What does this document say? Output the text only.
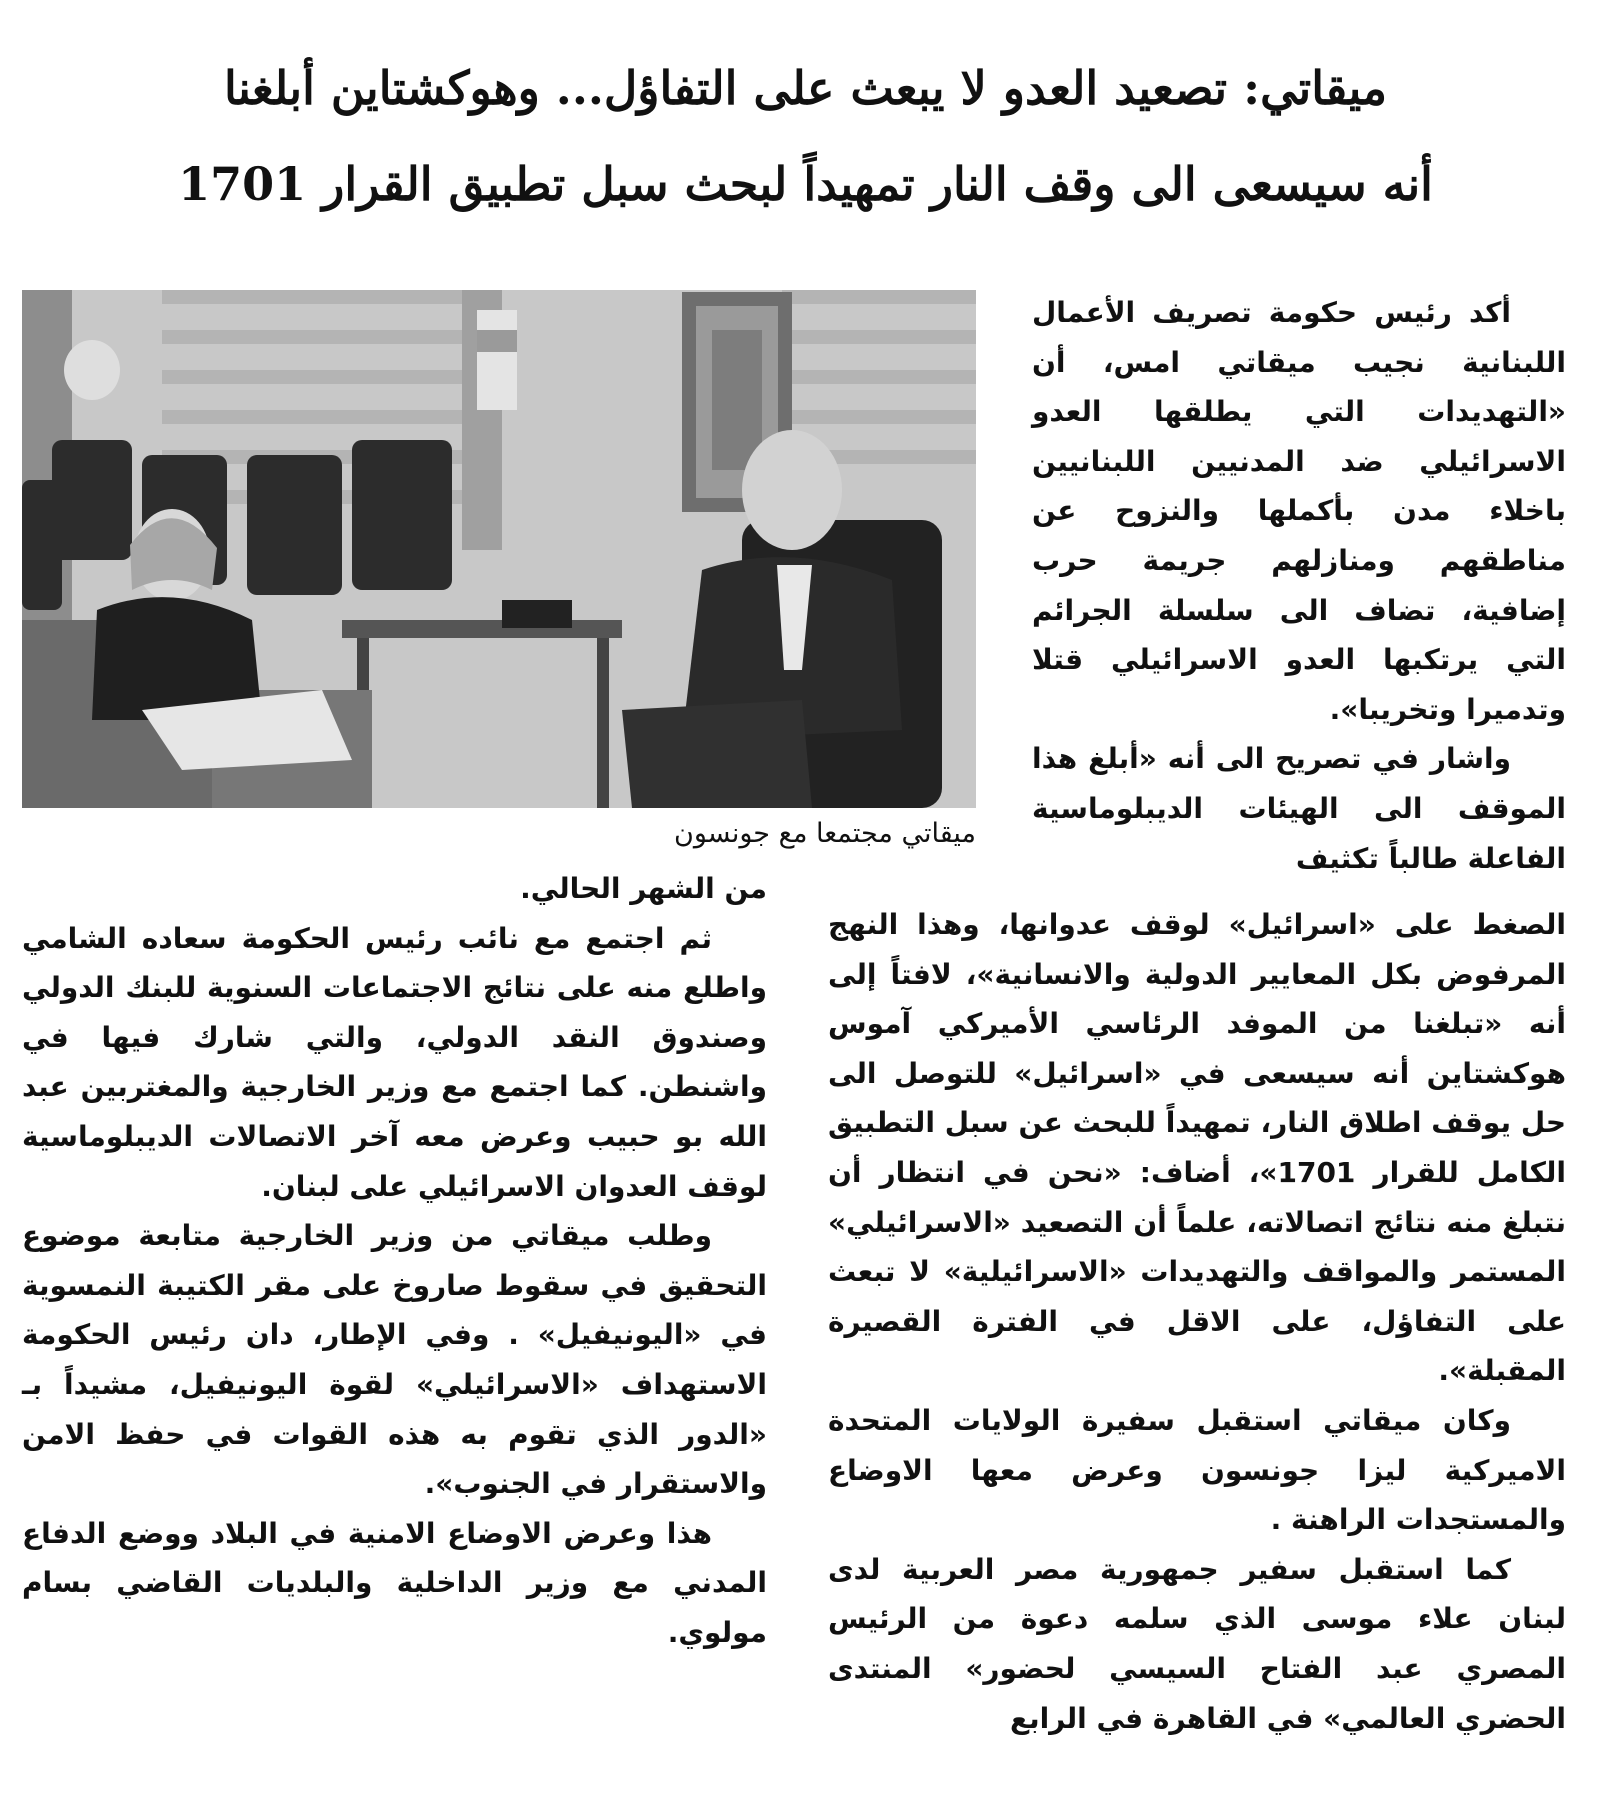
ميقاتي: تصعيد العدو لا يبعث على التفاؤل... وهوكشتاين أبلغنا
أنه سيسعى الى وقف النار تمهيداً لبحث سبل تطبيق القرار 1701

أكد رئيس حكومة تصريف الأعمال اللبنانية نجيب ميقاتي امس، أن «التهديدات التي يطلقها العدو الاسرائيلي ضد المدنيين اللبنانيين باخلاء مدن بأكملها والنزوح عن مناطقهم ومنازلهم جريمة حرب إضافية، تضاف الى سلسلة الجرائم التي يرتكبها العدو الاسرائيلي قتلا وتدميرا وتخريبا».

واشار في تصريح الى أنه «أبلغ هذا الموقف الى الهيئات الديبلوماسية الفاعلة طالباً تكثيف

ميقاتي مجتمعا مع جونسون

الصغط على «اسرائيل» لوقف عدوانها، وهذا النهج المرفوض بكل المعايير الدولية والانسانية»، لافتاً إلى أنه «تبلغنا من الموفد الرئاسي الأميركي آموس هوكشتاين أنه سيسعى في «اسرائيل» للتوصل الى حل يوقف اطلاق النار، تمهيداً للبحث عن سبل التطبيق الكامل للقرار 1701»، أضاف: «نحن في انتظار أن نتبلغ منه نتائج اتصالاته، علماً أن التصعيد «الاسرائيلي» المستمر والمواقف والتهديدات «الاسرائيلية» لا تبعث على التفاؤل، على الاقل في الفترة القصيرة المقبلة».

وكان ميقاتي استقبل سفيرة الولايات المتحدة الاميركية ليزا جونسون وعرض معها الاوضاع والمستجدات الراهنة .

كما استقبل سفير جمهورية مصر العربية لدى لبنان علاء موسى الذي سلمه دعوة من الرئيس المصري عبد الفتاح السيسي لحضور» المنتدى الحضري العالمي» في القاهرة في الرابع

من الشهر الحالي.

ثم اجتمع مع نائب رئيس الحكومة سعاده الشامي واطلع منه على نتائج الاجتماعات السنوية للبنك الدولي وصندوق النقد الدولي، والتي شارك فيها في واشنطن. كما اجتمع مع وزير الخارجية والمغتربين عبد الله بو حبيب وعرض معه آخر الاتصالات الديبلوماسية لوقف العدوان الاسرائيلي على لبنان.

وطلب ميقاتي من وزير الخارجية متابعة موضوع التحقيق في سقوط صاروخ على مقر الكتيبة النمسوية في «اليونيفيل» . وفي الإطار، دان رئيس الحكومة الاستهداف «الاسرائيلي» لقوة اليونيفيل، مشيداً بـ «الدور الذي تقوم به هذه القوات في حفظ الامن والاستقرار في الجنوب».

هذا وعرض الاوضاع الامنية في البلاد ووضع الدفاع المدني مع وزير الداخلية والبلديات القاضي بسام مولوي.
